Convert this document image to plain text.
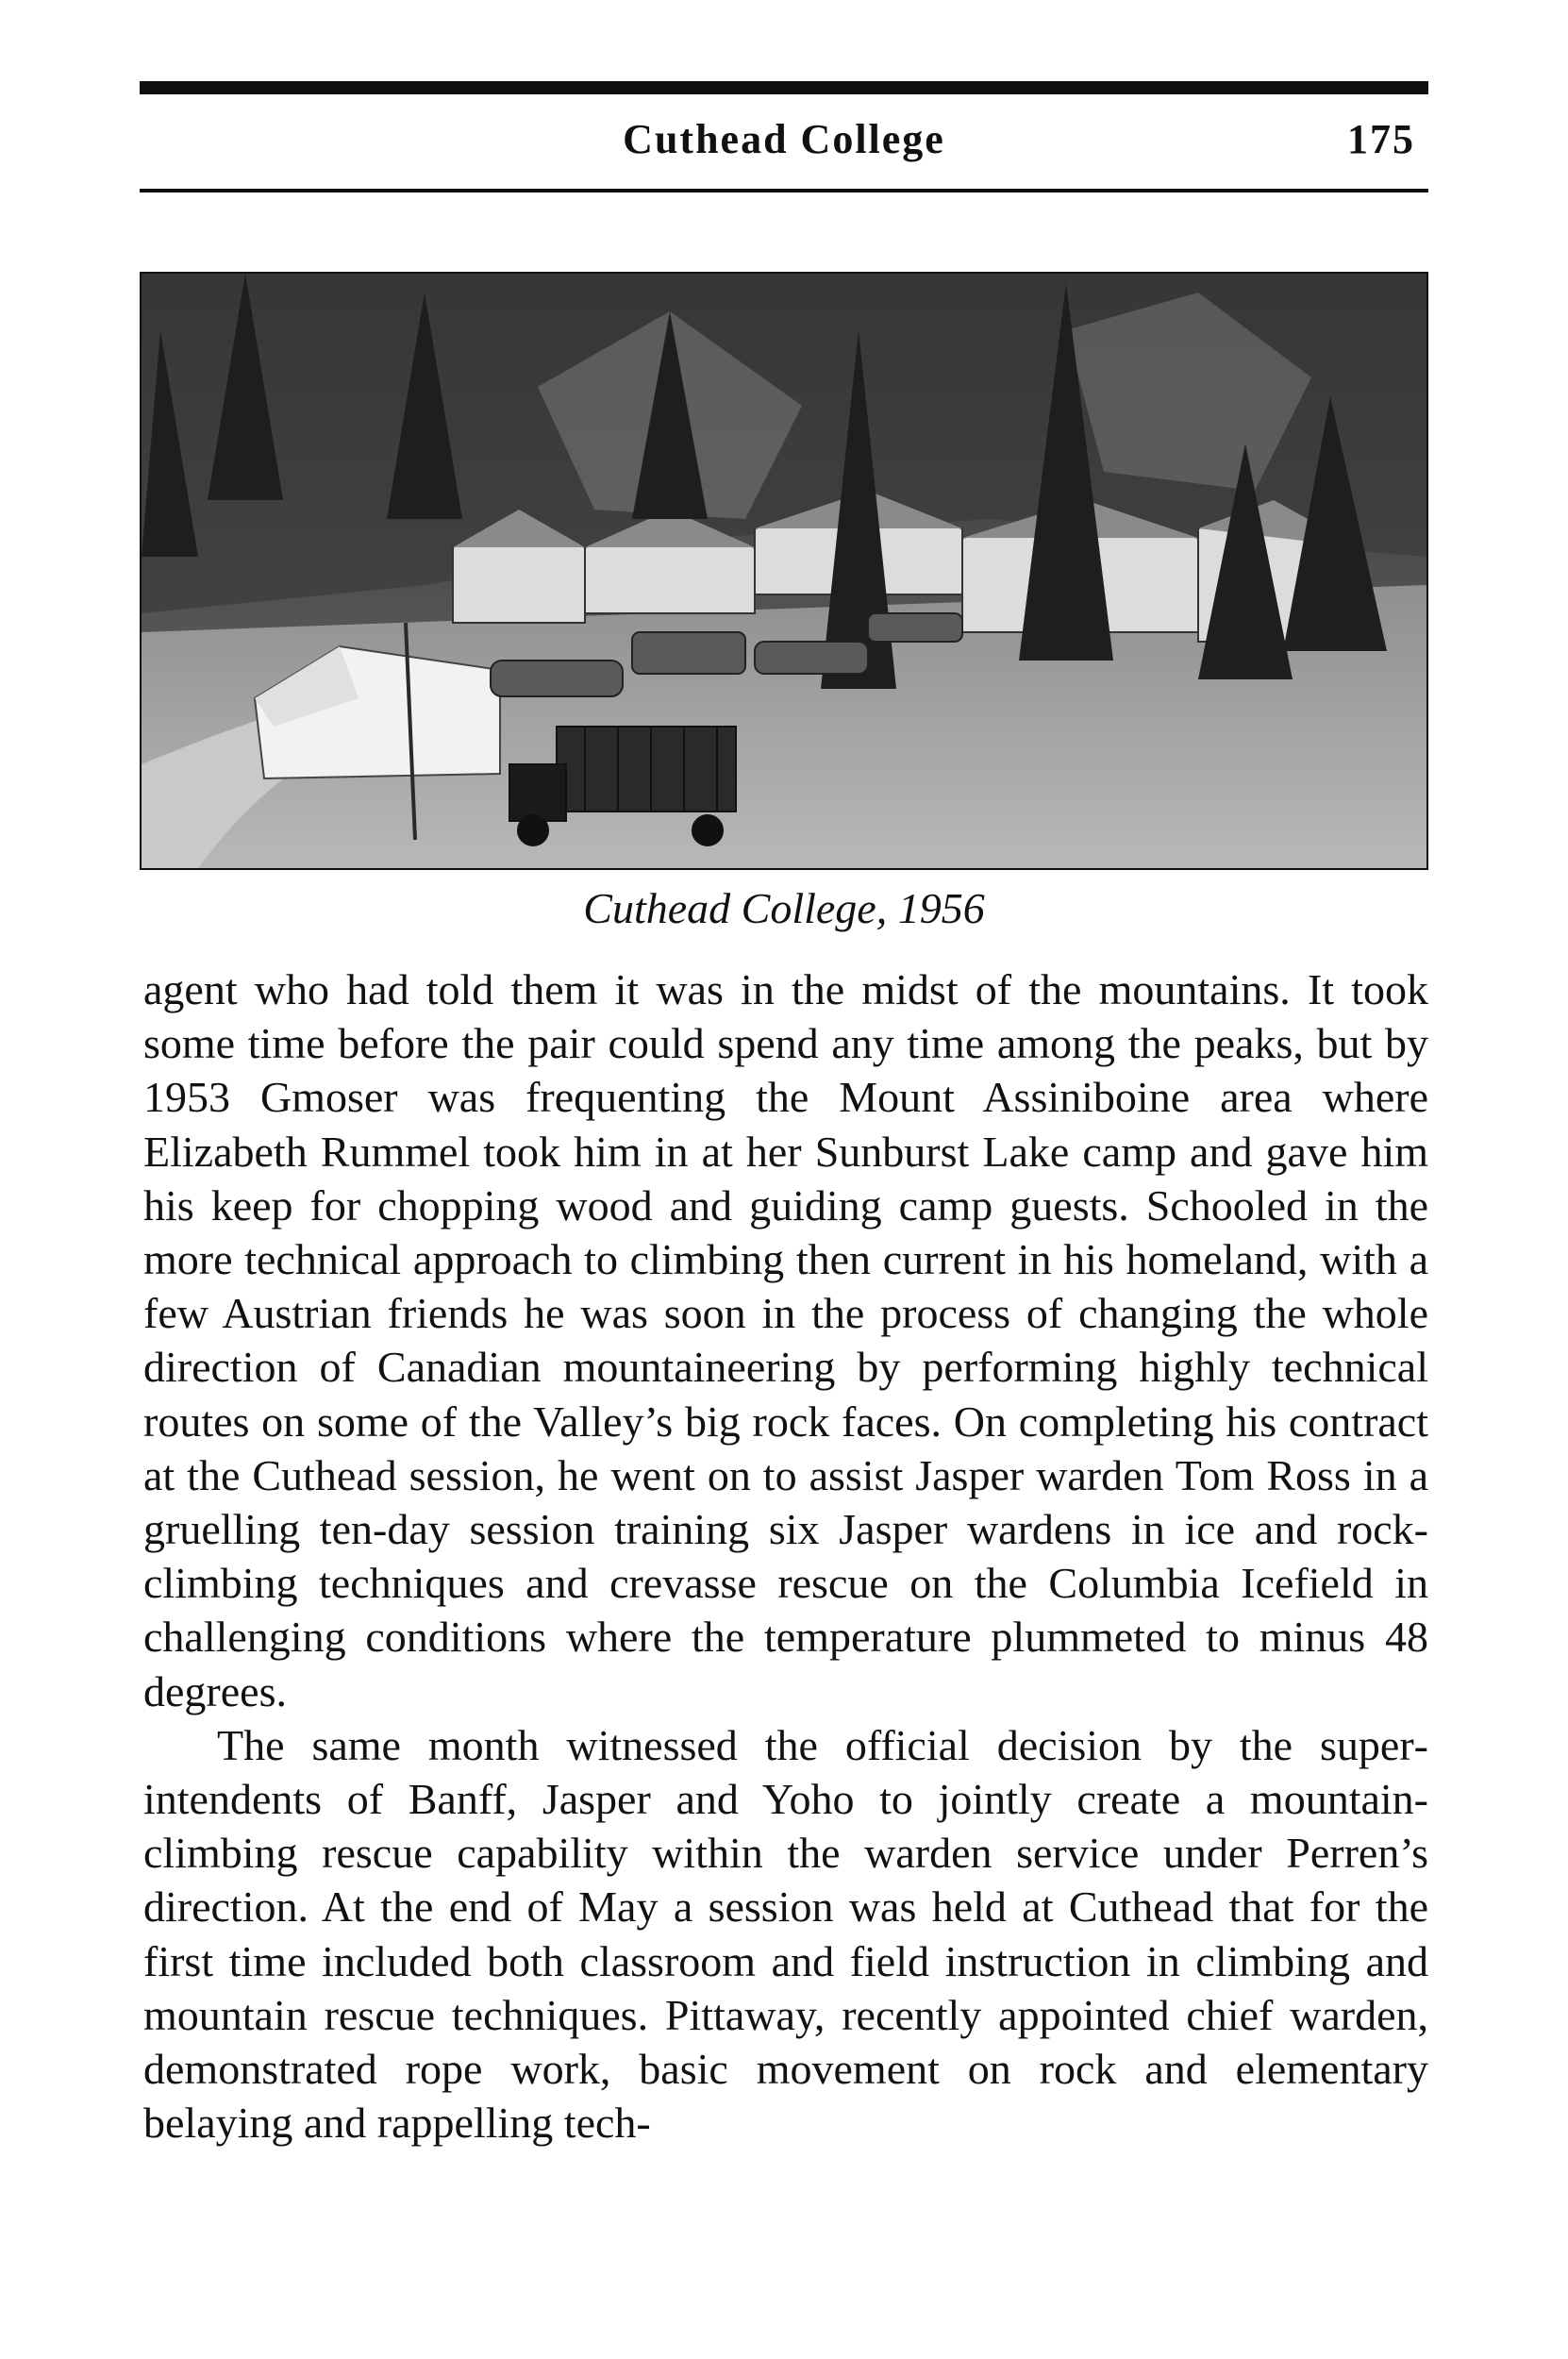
Cuthead College	175
Cuthead College, 1956

agent who had told them it was in the midst of the mountains. It took some time before the pair could spend any time among the peaks, but by 1953 Gmoser was frequenting the Mount Assiniboine area where Elizabeth Rummel took him in at her Sunburst Lake camp and gave him his keep for chopping wood and guiding camp guests. Schooled in the more technical approach to climbing then current in his homeland, with a few Austrian friends he was soon in the process of changing the whole direction of Canadian mountaineering by performing highly technical routes on some of the Valley’s big rock faces. On completing his contract at the Cuthead session, he went on to assist Jasper warden Tom Ross in a gruelling ten-day session training six Jasper wardens in ice and rock-climbing techniques and crevasse rescue on the Columbia Icefield in challenging conditions where the temperature plummeted to minus 48 degrees.

The same month witnessed the official decision by the superintendents of Banff, Jasper and Yoho to jointly create a mountain-climbing rescue capability within the warden service under Perren’s direction. At the end of May a session was held at Cuthead that for the first time included both classroom and field instruction in climbing and mountain rescue techniques. Pittaway, recently appointed chief warden, demonstrated rope work, basic movement on rock and elementary belaying and rappelling tech-
